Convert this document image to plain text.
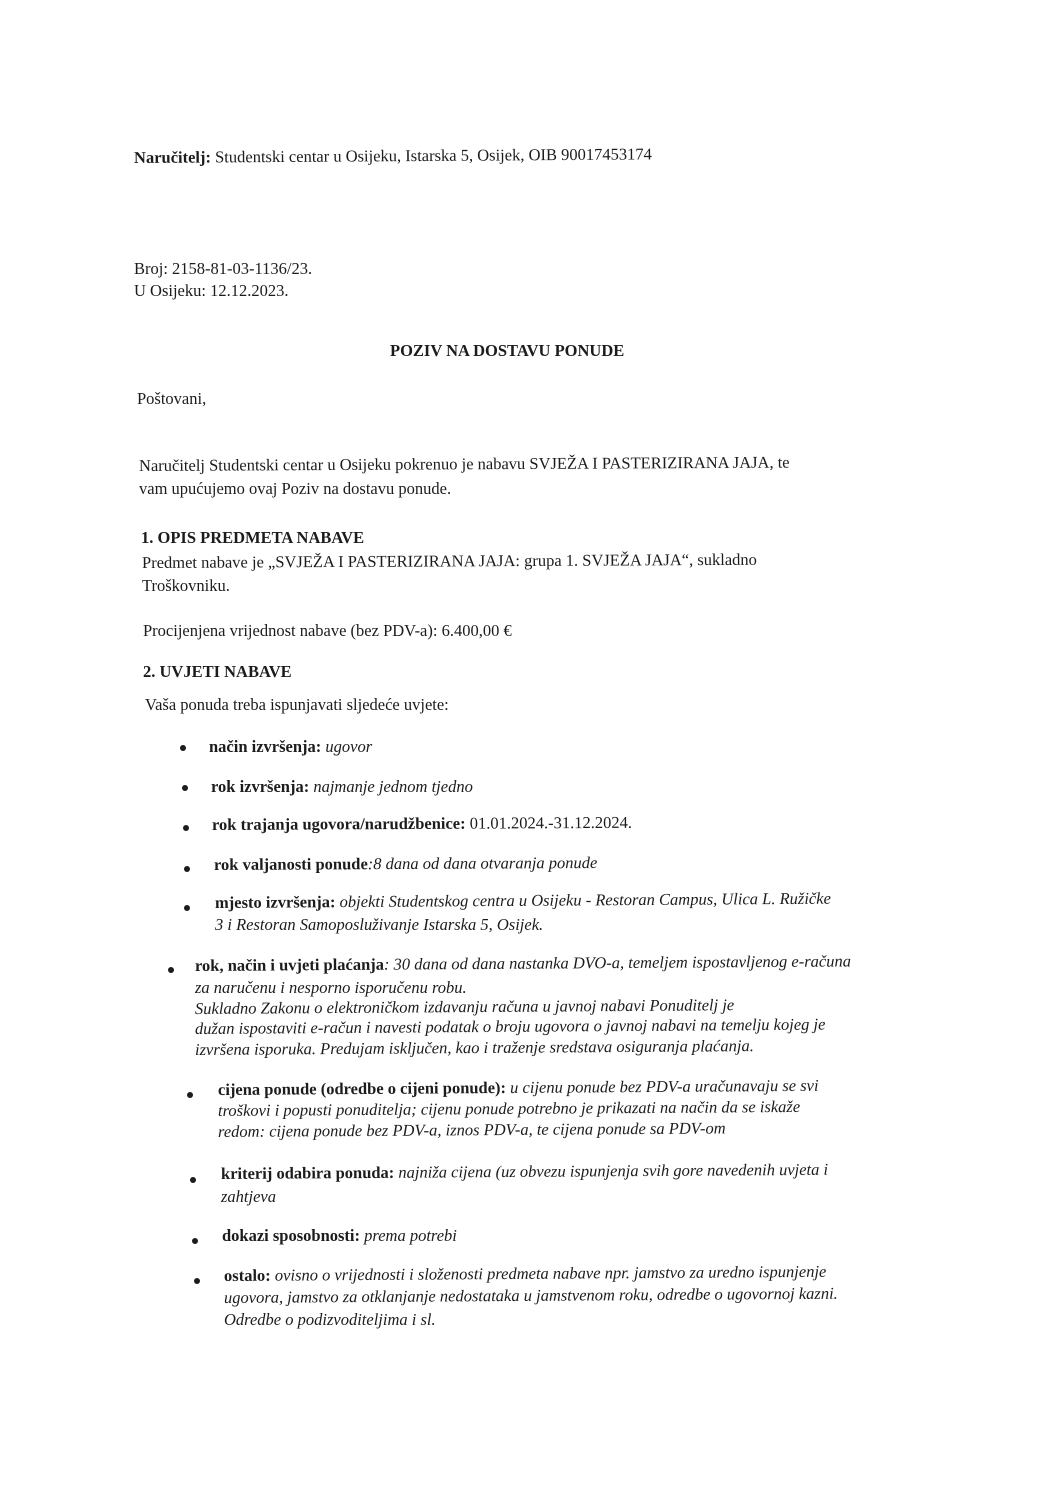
Naručitelj: Studentski centar u Osijeku, Istarska 5, Osijek, OIB 90017453174
Broj: 2158-81-03-1136/23.
U Osijeku: 12.12.2023.
POZIV NA DOSTAVU PONUDE
Poštovani,
Naručitelj Studentski centar u Osijeku pokrenuo je nabavu SVJEŽA I PASTERIZIRANA JAJA, te
vam upućujemo ovaj Poziv na dostavu ponude.
1. OPIS PREDMETA NABAVE
Predmet nabave je „SVJEŽA I PASTERIZIRANA JAJA: grupa 1. SVJEŽA JAJA“, sukladno
Troškovniku.
Procijenjena vrijednost nabave (bez PDV-a): 6.400,00 €
2. UVJETI NABAVE
Vaša ponuda treba ispunjavati sljedeće uvjete:
način izvršenja: ugovor
rok izvršenja: najmanje jednom tjedno
rok trajanja ugovora/narudžbenice: 01.01.2024.-31.12.2024.
rok valjanosti ponude:8 dana od dana otvaranja ponude
mjesto izvršenja: objekti Studentskog centra u Osijeku - Restoran Campus, Ulica L. Ružičke
3 i Restoran Samoposluživanje Istarska 5, Osijek.
rok, način i uvjeti plaćanja: 30 dana od dana nastanka DVO-a, temeljem ispostavljenog e-računa
za naručenu i nesporno isporučenu robu.
Sukladno Zakonu o elektroničkom izdavanju računa u javnoj nabavi Ponuditelj je
dužan ispostaviti e-račun i navesti podatak o broju ugovora o javnoj nabavi na temelju kojeg je
izvršena isporuka. Predujam isključen, kao i traženje sredstava osiguranja plaćanja.
cijena ponude (odredbe o cijeni ponude): u cijenu ponude bez PDV-a uračunavaju se svi
troškovi i popusti ponuditelja; cijenu ponude potrebno je prikazati na način da se iskaže
redom: cijena ponude bez PDV-a, iznos PDV-a, te cijena ponude sa PDV-om
kriterij odabira ponuda: najniža cijena (uz obvezu ispunjenja svih gore navedenih uvjeta i
zahtjeva
dokazi sposobnosti: prema potrebi
ostalo: ovisno o vrijednosti i složenosti predmeta nabave npr. jamstvo za uredno ispunjenje
ugovora, jamstvo za otklanjanje nedostataka u jamstvenom roku, odredbe o ugovornoj kazni.
Odredbe o podizvoditeljima i sl.
